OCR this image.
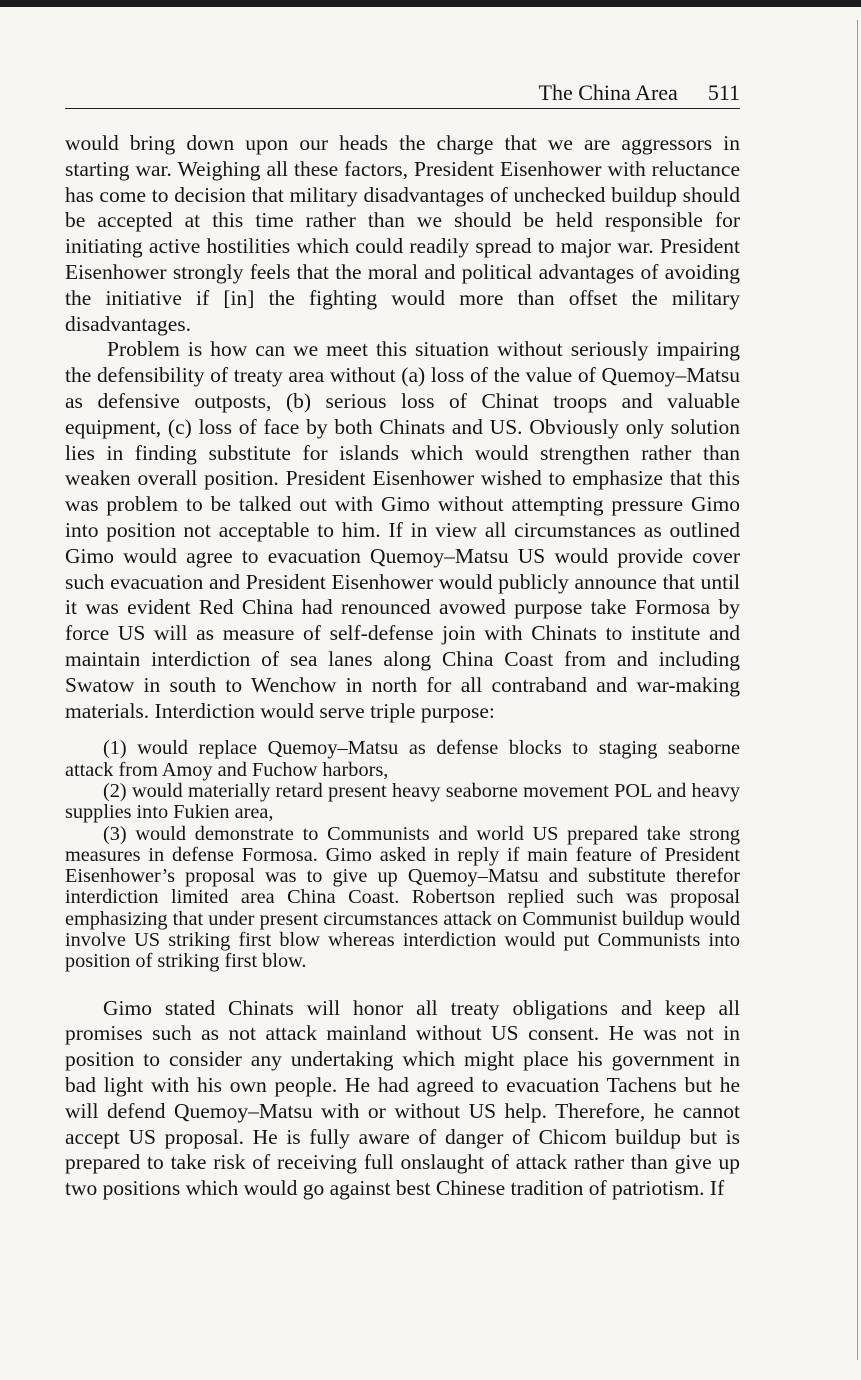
The China Area 511

would bring down upon our heads the charge that we are aggressors in starting war. Weighing all these factors, President Eisenhower with reluctance has come to decision that military disadvantages of unchecked buildup should be accepted at this time rather than we should be held responsible for initiating active hostilities which could readily spread to major war. President Eisenhower strongly feels that the moral and political advantages of avoiding the initiative if [in] the fighting would more than offset the military disadvantages.

Problem is how can we meet this situation without seriously impairing the defensibility of treaty area without (a) loss of the value of Quemoy–Matsu as defensive outposts, (b) serious loss of Chinat troops and valuable equipment, (c) loss of face by both Chinats and US. Obviously only solution lies in finding substitute for islands which would strengthen rather than weaken overall position. President Eisenhower wished to emphasize that this was problem to be talked out with Gimo without attempting pressure Gimo into position not acceptable to him. If in view all circumstances as outlined Gimo would agree to evacuation Quemoy–Matsu US would provide cover such evacuation and President Eisenhower would publicly announce that until it was evident Red China had renounced avowed purpose take Formosa by force US will as measure of self-defense join with Chinats to institute and maintain interdiction of sea lanes along China Coast from and including Swatow in south to Wenchow in north for all contraband and war-making materials. Interdiction would serve triple purpose:

(1) would replace Quemoy–Matsu as defense blocks to staging seaborne attack from Amoy and Fuchow harbors,

(2) would materially retard present heavy seaborne movement POL and heavy supplies into Fukien area,

(3) would demonstrate to Communists and world US prepared take strong measures in defense Formosa. Gimo asked in reply if main feature of President Eisenhower’s proposal was to give up Quemoy–Matsu and substitute therefor interdiction limited area China Coast. Robertson replied such was proposal emphasizing that under present circumstances attack on Communist buildup would involve US striking first blow whereas interdiction would put Communists into position of striking first blow.

Gimo stated Chinats will honor all treaty obligations and keep all promises such as not attack mainland without US consent. He was not in position to consider any undertaking which might place his government in bad light with his own people. He had agreed to evacuation Tachens but he will defend Quemoy–Matsu with or without US help. Therefore, he cannot accept US proposal. He is fully aware of danger of Chicom buildup but is prepared to take risk of receiving full onslaught of attack rather than give up two positions which would go against best Chinese tradition of patriotism. If
